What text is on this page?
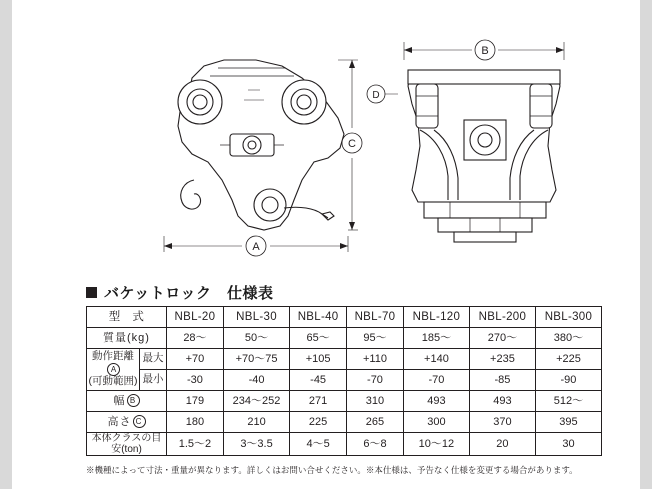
A
C
B
D
バケットロック　仕様表
型　式		NBL-20	NBL-30	NBL-40	NBL-70	NBL-120	NBL-200	NBL-300
質量(kg)		28～	50～	65～	95～	185～	270～	380～
動作距離A
(可動範囲)	最大	+70	+70～75	+105	+110	+140	+235	+225
	最小	-30	-40	-45	-70	-70	-85	-90
幅 B		179	234～252	271	310	493	493	512～
高さ C		180	210	225	265	300	370	395
本体クラスの目安(ton)		1.5～2	3～3.5	4～5	6～8	10～12	20	30
※機種によって寸法・重量が異なります。詳しくはお問い合せください。※本仕様は、予告なく仕様を変更する場合があります。
